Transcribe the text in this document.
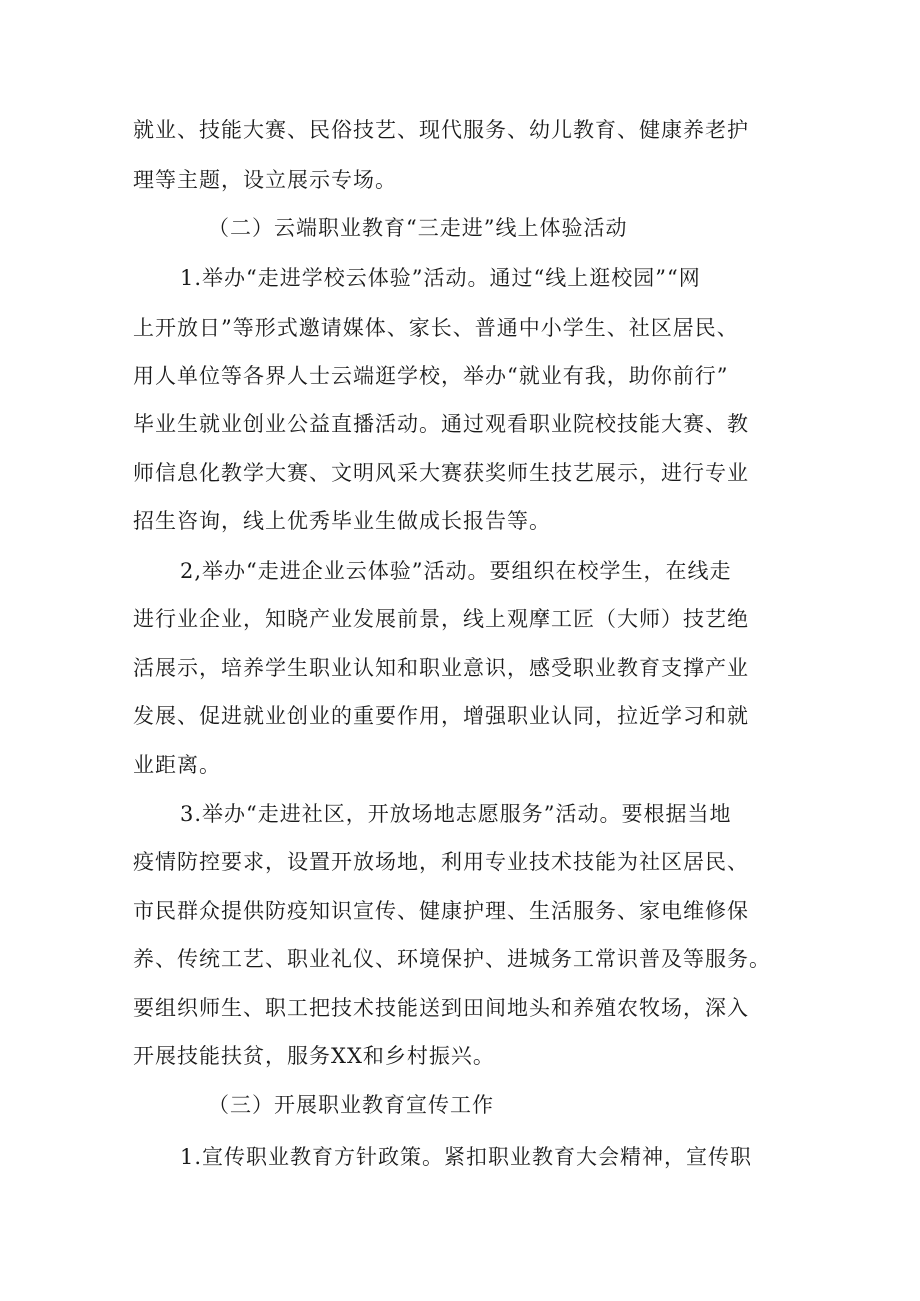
就业、技能大赛、民俗技艺、现代服务、幼儿教育、健康养老护
理等主题，设立展示专场。
（二）云端职业教育“三走进”线上体验活动
1.举办“走进学校云体验”活动。通过“线上逛校园”“网
上开放日”等形式邀请媒体、家长、普通中小学生、社区居民、
用人单位等各界人士云端逛学校，举办“就业有我，助你前行”
毕业生就业创业公益直播活动。通过观看职业院校技能大赛、教
师信息化教学大赛、文明风采大赛获奖师生技艺展示，进行专业
招生咨询，线上优秀毕业生做成长报告等。
2,举办“走进企业云体验”活动。要组织在校学生，在线走
进行业企业，知晓产业发展前景，线上观摩工匠（大师）技艺绝
活展示，培养学生职业认知和职业意识，感受职业教育支撑产业
发展、促进就业创业的重要作用，增强职业认同，拉近学习和就
业距离。
3.举办“走进社区，开放场地志愿服务”活动。要根据当地
疫情防控要求，设置开放场地，利用专业技术技能为社区居民、
市民群众提供防疫知识宣传、健康护理、生活服务、家电维修保
养、传统工艺、职业礼仪、环境保护、进城务工常识普及等服务。
要组织师生、职工把技术技能送到田间地头和养殖农牧场，深入
开展技能扶贫，服务XX和乡村振兴。
（三）开展职业教育宣传工作
1.宣传职业教育方针政策。紧扣职业教育大会精神，宣传职
